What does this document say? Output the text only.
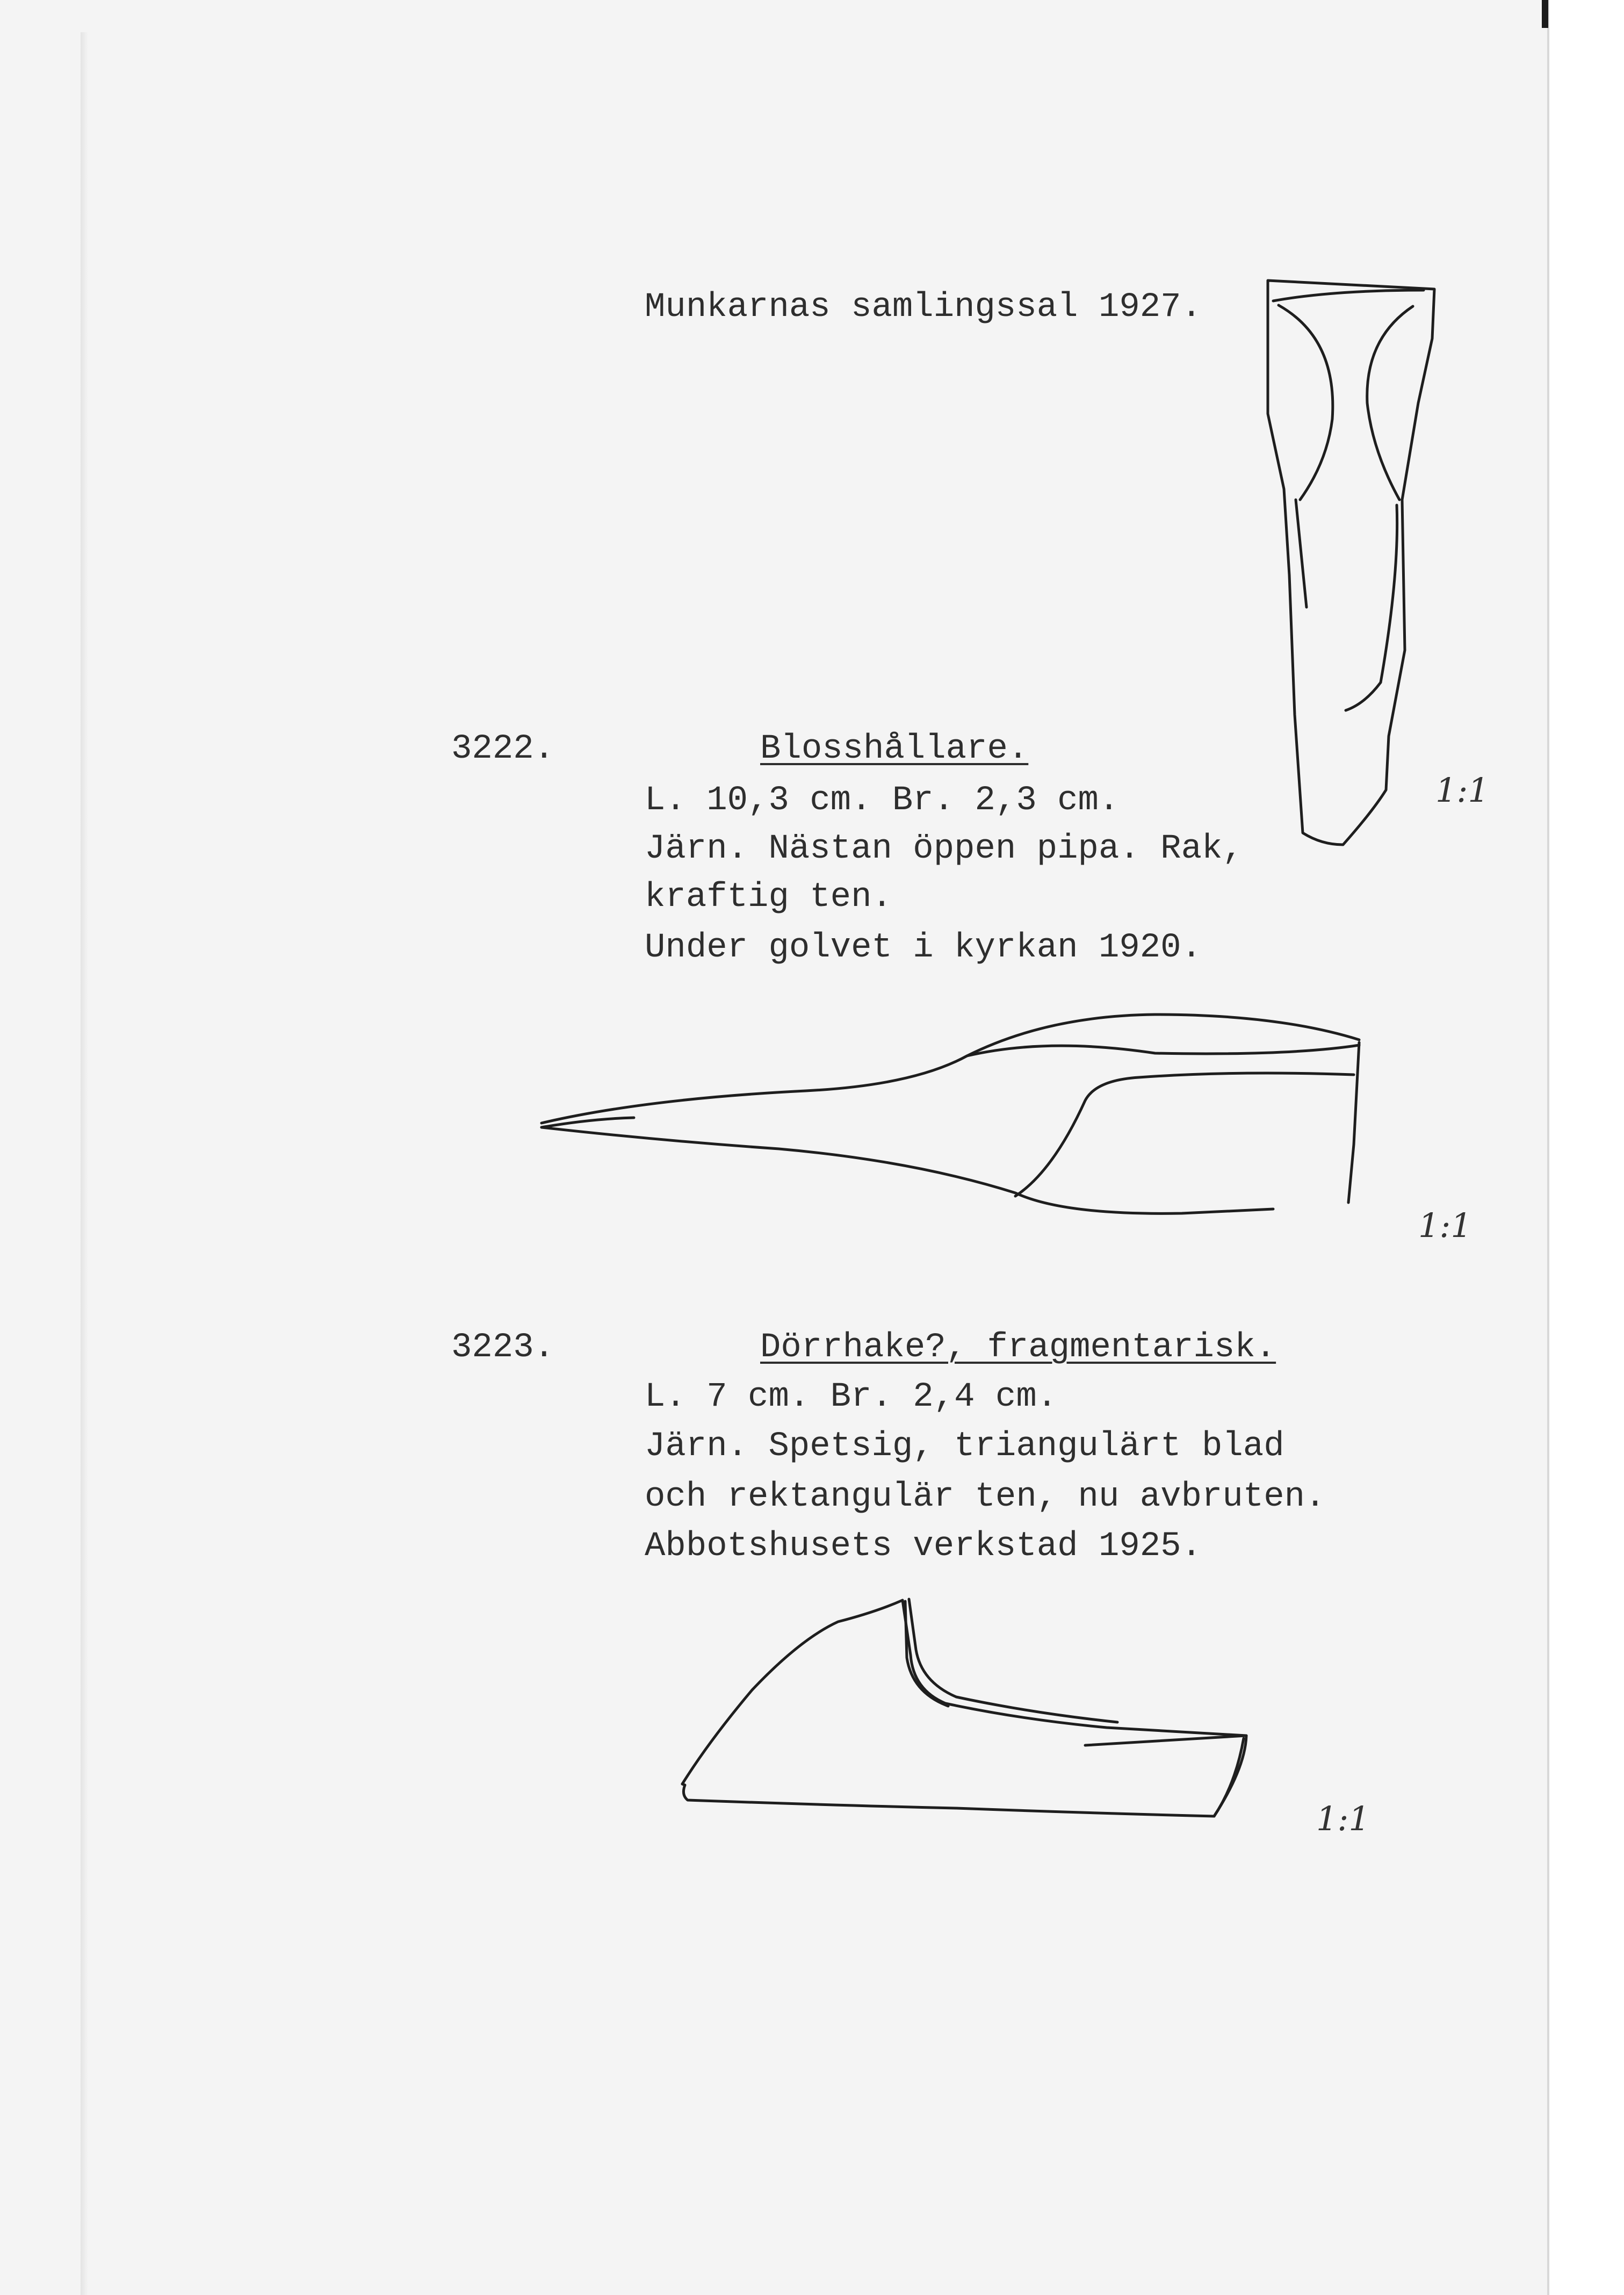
Munkarnas samlingssal 1927.
3222.	Blosshållare.
L. 10,3 cm. Br. 2,3 cm.
Järn. Nästan öppen pipa. Rak,
kraftig ten.
Under golvet i kyrkan 1920.
1:1
1:1
3223.	Dörrhake?, fragmentarisk.
L. 7 cm. Br. 2,4 cm.
Järn. Spetsig, triangulärt blad
och rektangulär ten, nu avbruten.
Abbotshusets verkstad 1925.
1:1
